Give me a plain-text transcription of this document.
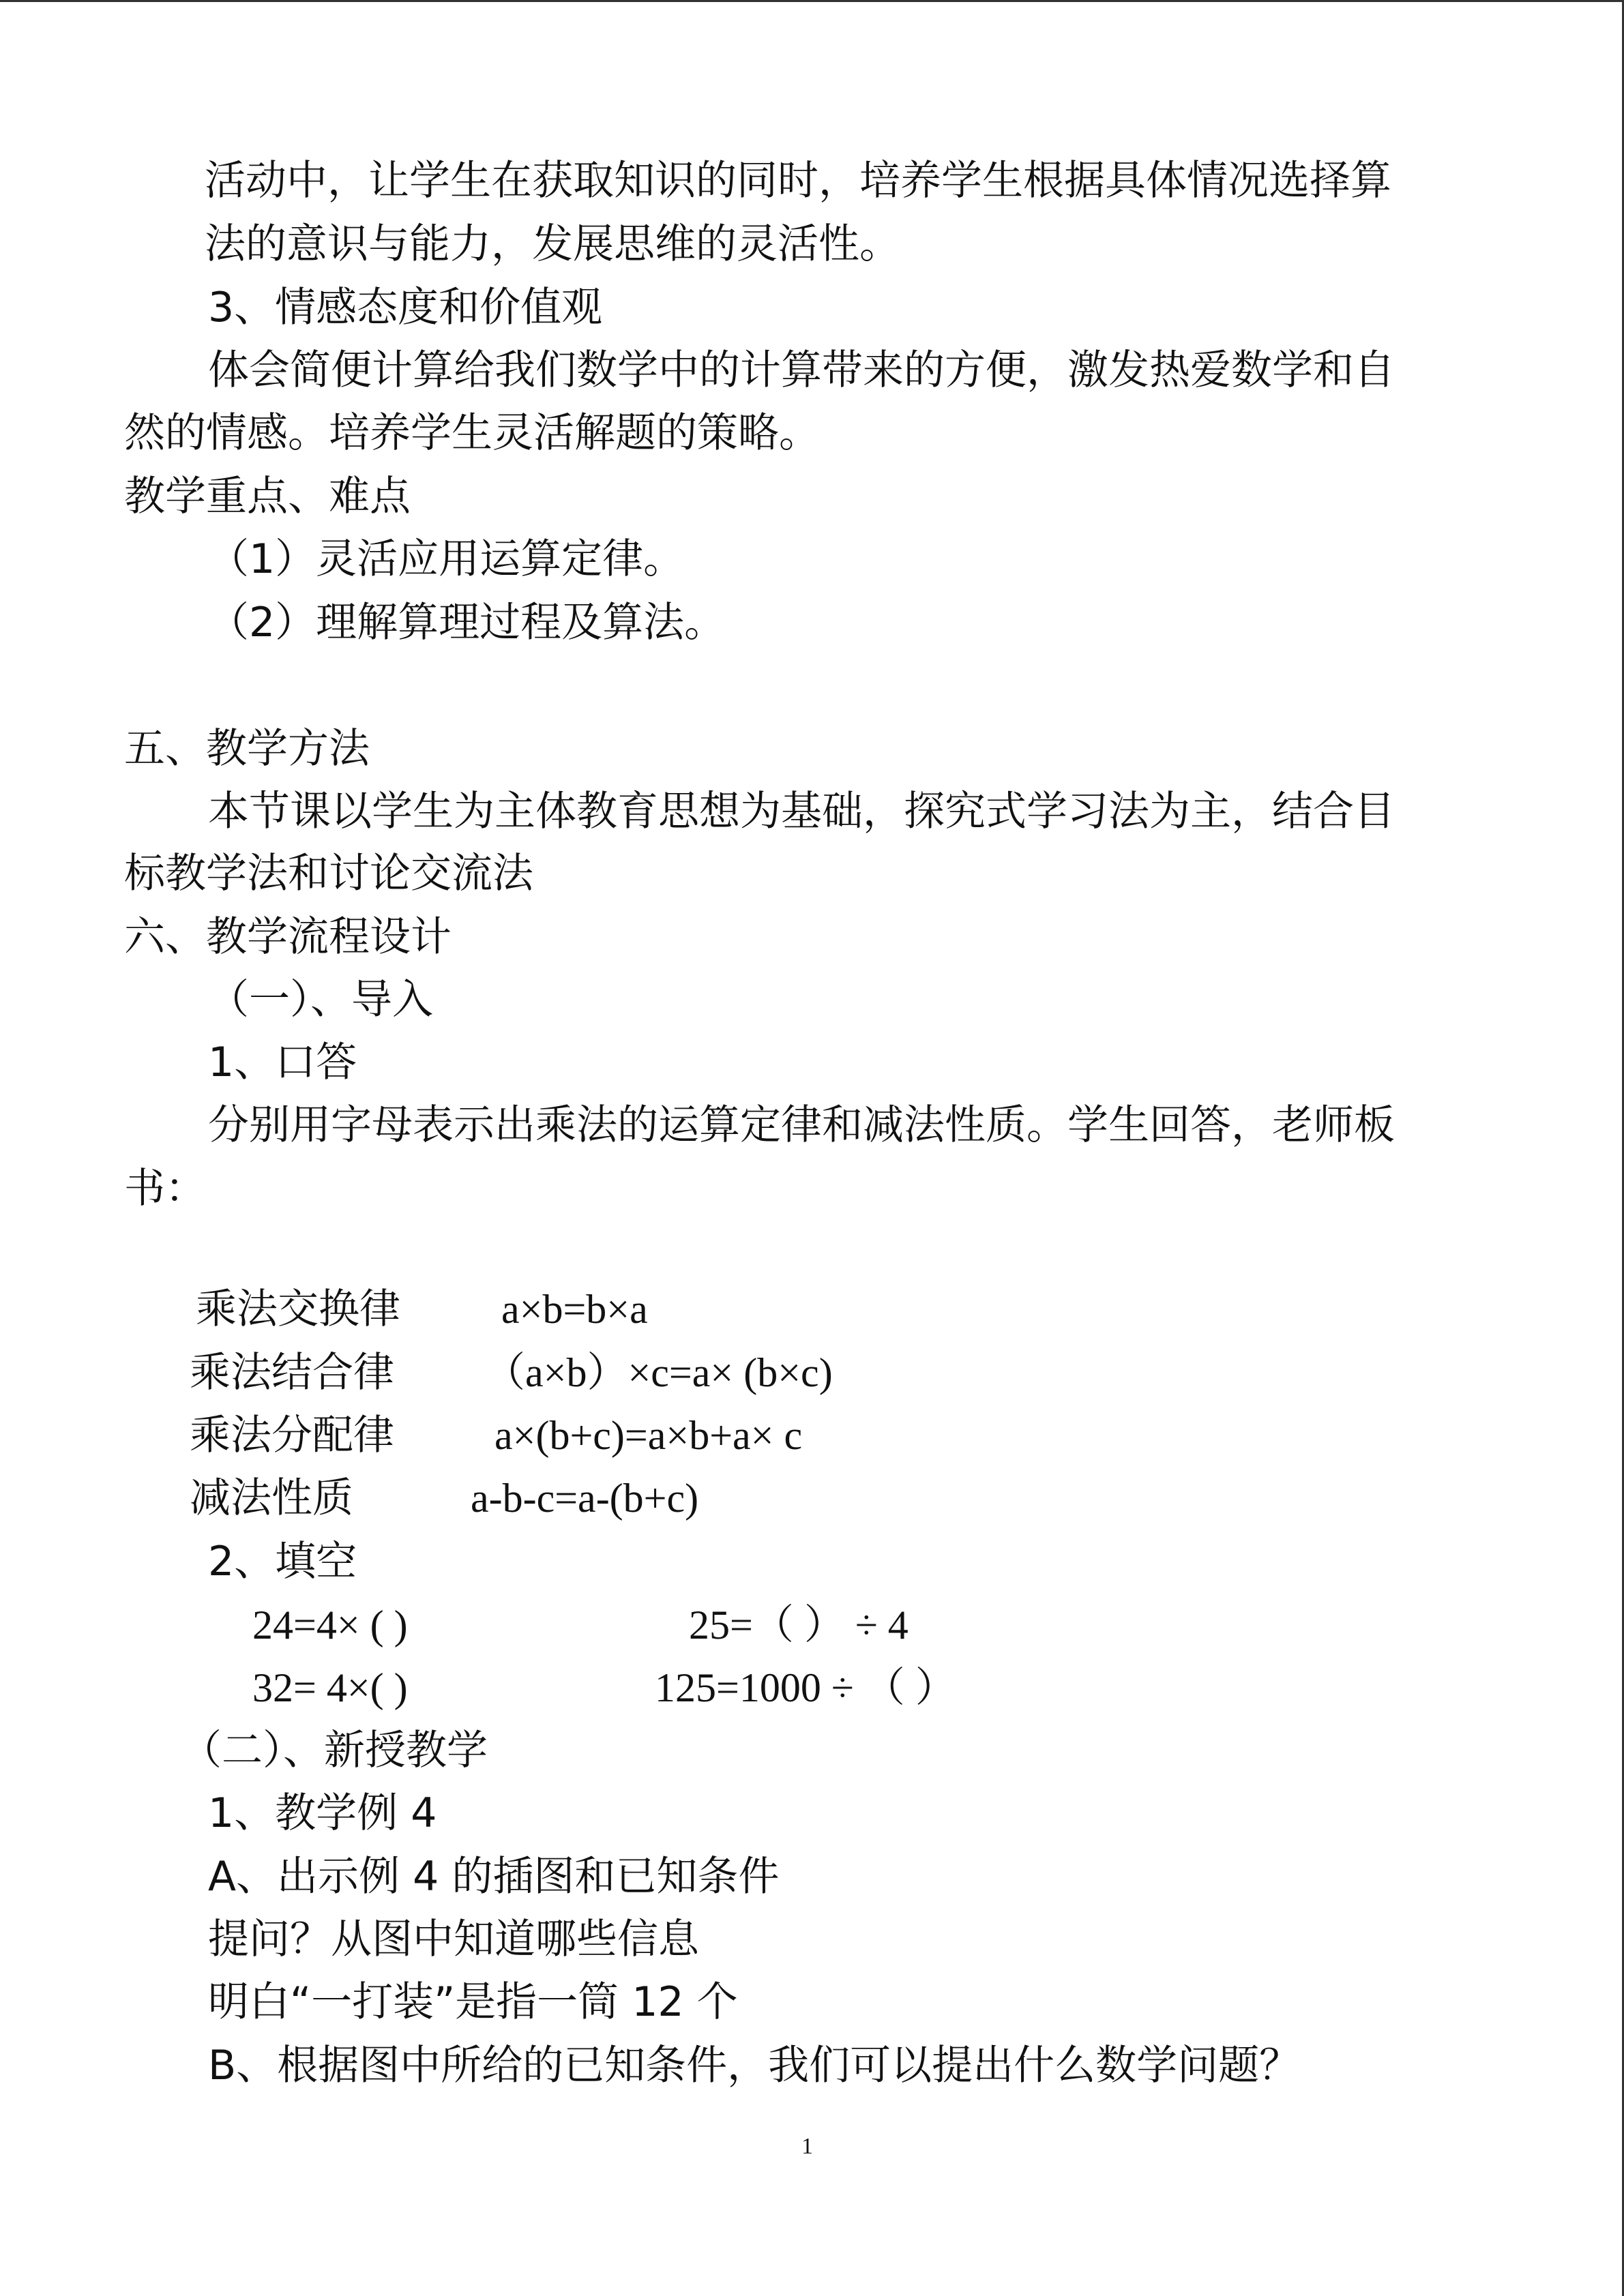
活动中，让学生在获取知识的同时，培养学生根据具体情况选择算
法的意识与能力，发展思维的灵活性。
3、情感态度和价值观
体会简便计算给我们数学中的计算带来的方便，激发热爱数学和自
然的情感。培养学生灵活解题的策略。
教学重点、难点
（1）灵活应用运算定律。
（2）理解算理过程及算法。
五、教学方法
本节课以学生为主体教育思想为基础，探究式学习法为主，结合目
标教学法和讨论交流法
六、教学流程设计
（一）、导入
1、口答
分别用字母表示出乘法的运算定律和减法性质。学生回答，老师板
书：
乘法交换律 a×b=b×a
乘法结合律 （a×b）×c=a× (b×c)
乘法分配律 a×(b+c)=a×b+a× c
减法性质	a-b-c=a-(b+c)
2、填空
24=4× ( )	25=（ ） ÷ 4
32= 4×( )	125=1000 ÷ （ ）
（二）、新授教学
1、教学例 4
A、出示例 4 的插图和已知条件
提问？从图中知道哪些信息
明白“一打装”是指一筒 12 个
B、根据图中所给的已知条件，我们可以提出什么数学问题？
1
